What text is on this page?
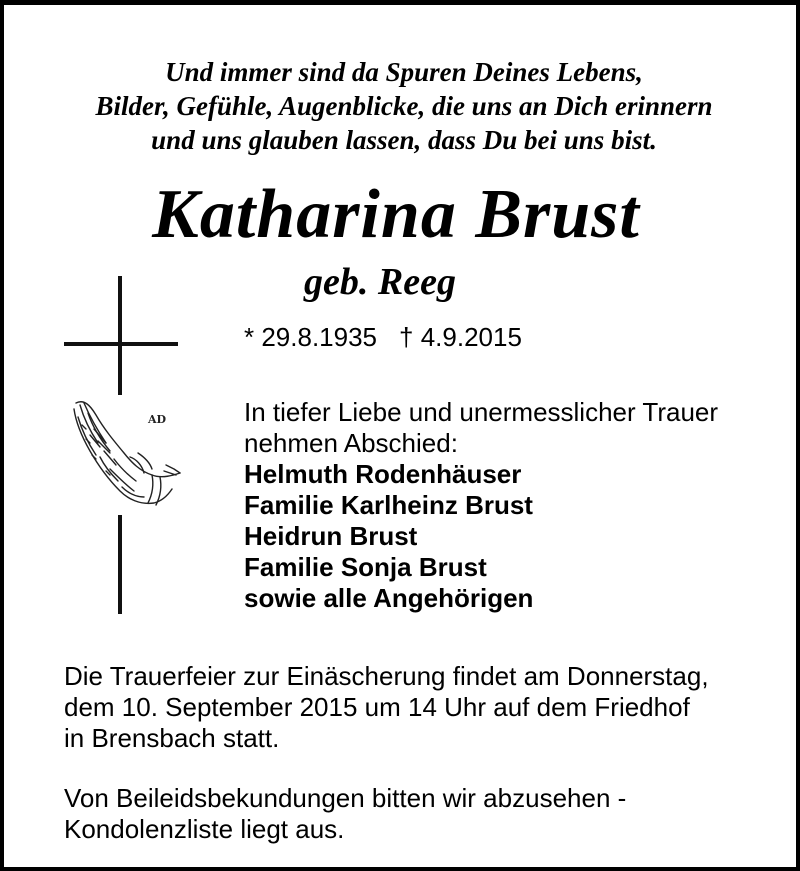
Und immer sind da Spuren Deines Lebens,
Bilder, Gefühle, Augenblicke, die uns an Dich erinnern
und uns glauben lassen, dass Du bei uns bist.
Katharina Brust
geb. Reeg
AD
* 29.8.1935 † 4.9.2015
In tiefer Liebe und unermesslicher Trauer
nehmen Abschied:
Helmuth Rodenhäuser
Familie Karlheinz Brust
Heidrun Brust
Familie Sonja Brust
sowie alle Angehörigen
Die Trauerfeier zur Einäscherung findet am Donnerstag,
dem 10. September 2015 um 14 Uhr auf dem Friedhof
in Brensbach statt.
Von Beileidsbekundungen bitten wir abzusehen -
Kondolenzliste liegt aus.
